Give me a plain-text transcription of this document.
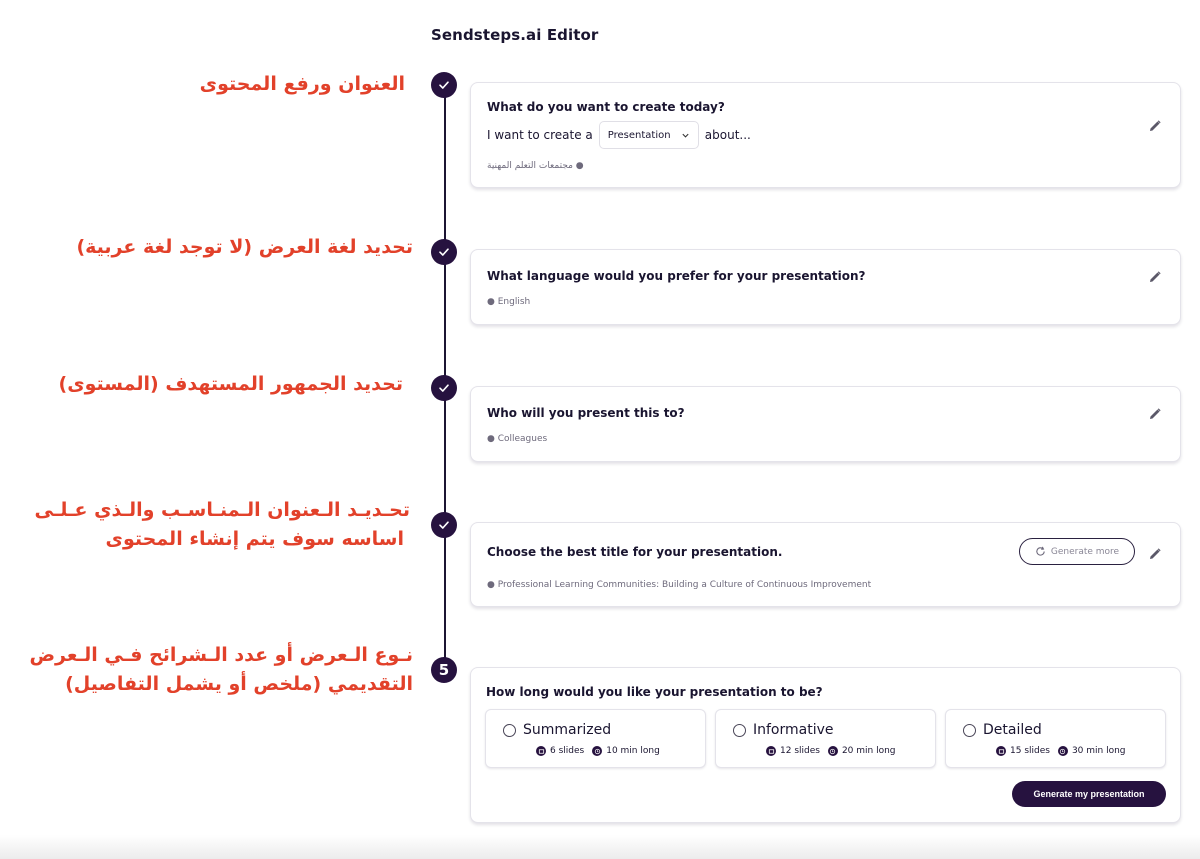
Sendsteps.ai Editor
5
العنوان ورفع المحتوى
تحديد لغة العرض (لا توجد لغة عربية)
تحديد الجمهور المستهدف (المستوى)
تحـديـد الـعنوان الـمنـاسـب والـذي عـلـى
اساسه سوف يتم إنشاء المحتوى
نـوع الـعرض أو عدد الـشرائح فـي الـعرض
التقديمي (ملخص أو يشمل التفاصيل)
What do you want to create today?
I want to create a Presentation	about...
● مجتمعات التعلم المهنية
What language would you prefer for your presentation?
● English
Who will you present this to?
● Colleagues
Choose the best title for your presentation.	Generate more
● Professional Learning Communities: Building a Culture of Continuous Improvement
How long would you like your presentation to be?
Summarized
6 slides 10 min long
Informative
12 slides 20 min long
Detailed
15 slides 30 min long
Generate my presentation
